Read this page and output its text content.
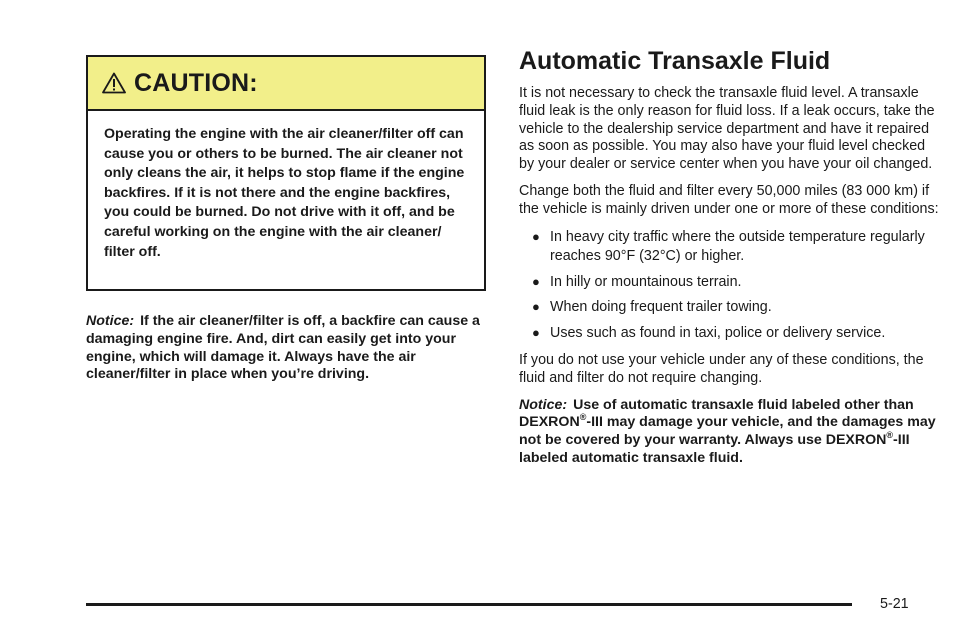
CAUTION:

Operating the engine with the air cleaner/filter off can cause you or others to be burned. The air cleaner not only cleans the air, it helps to stop flame if the engine backfires. If it is not there and the engine backfires, you could be burned. Do not drive with it off, and be careful working on the engine with the air cleaner/ filter off.

Notice: If the air cleaner/filter is off, a backfire can cause a damaging engine fire. And, dirt can easily get into your engine, which will damage it. Always have the air cleaner/filter in place when you’re driving.
Automatic Transaxle Fluid

It is not necessary to check the transaxle fluid level. A transaxle fluid leak is the only reason for fluid loss. If a leak occurs, take the vehicle to the dealership service department and have it repaired as soon as possible. You may also have your fluid level checked by your dealer or service center when you have your oil changed.

Change both the fluid and filter every 50,000 miles (83 000 km) if the vehicle is mainly driven under one or more of these conditions:

● In heavy city traffic where the outside temperature regularly reaches 90°F (32°C) or higher.
● In hilly or mountainous terrain.
● When doing frequent trailer towing.
● Uses such as found in taxi, police or delivery service.

If you do not use your vehicle under any of these conditions, the fluid and filter do not require changing.

Notice: Use of automatic transaxle fluid labeled other than DEXRON®-III may damage your vehicle, and the damages may not be covered by your warranty. Always use DEXRON®-III labeled automatic transaxle fluid.

5-21
